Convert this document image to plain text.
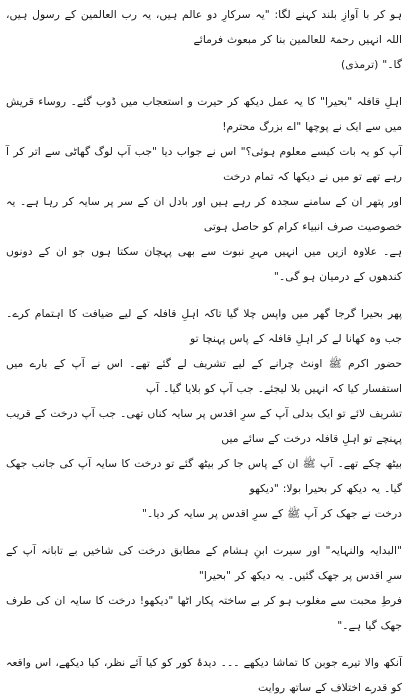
ہو کر با آوازِ بلند کہنے لگا: "یہ سرکارِ دو عالم ہیں، یہ رب العالمین کے رسول ہیں، اللہ انہیں رحمۃ للعالمین بنا کر مبعوث فرمائے
گا۔" (ترمذی)
اہلِ قافلہ "بحیرا" کا یہ عمل دیکھ کر حیرت و استعجاب میں ڈوب گئے۔ روساء قریش میں سے ایک نے پوچھا "اے بزرگ محترم!
آپ کو یہ بات کیسے معلوم ہوئی؟" اس نے جواب دیا "جب آپ لوگ گھاٹی سے اتر کر آ رہے تھے تو میں نے دیکھا کہ تمام درخت
اور پتھر ان کے سامنے سجدہ کر رہے ہیں اور بادل ان کے سر پر سایہ کر رہا ہے۔ یہ خصوصیت صرف انبیاء کرام کو حاصل ہوتی
ہے۔ علاوہ ازیں میں انہیں مہرِ نبوت سے بھی پہچان سکتا ہوں جو ان کے دونوں کندھوں کے درمیان ہو گی۔"
پھر بحیرا گرجا گھر میں واپس چلا گیا تاکہ اہلِ قافلہ کے لیے ضیافت کا اہتمام کرے۔ جب وہ کھانا لے کر اہلِ قافلہ کے پاس پہنچا تو
حضور اکرم ﷺ اونٹ چرانے کے لیے تشریف لے گئے تھے۔ اس نے آپ کے بارے میں استفسار کیا کہ انہیں بلا لیجئے۔ جب آپ کو بلایا گیا۔ آپ
تشریف لائے تو ایک بدلی آپ کے سرِ اقدس پر سایہ کناں تھی۔ جب آپ درخت کے قریب پہنچے تو اہلِ قافلہ درخت کے سائے میں
بیٹھ چکے تھے۔ آپ ﷺ ان کے پاس جا کر بیٹھ گئے تو درخت کا سایہ آپ کی جانب جھک گیا۔ یہ دیکھ کر بحیرا بولا: "دیکھو
درخت نے جھک کر آپ ﷺ کے سرِ اقدس پر سایہ کر دیا۔"
"البدایہ والنہایہ" اور سیرت ابنِ ہشام کے مطابق درخت کی شاخیں بے تابانہ آپ کے سرِ اقدس پر جھک گئیں۔ یہ دیکھ کر "بحیرا"
فرطِ محبت سے مغلوب ہو کر بے ساختہ پکار اٹھا "دیکھو! درخت کا سایہ ان کی طرف جھک گیا ہے۔"
آنکھ والا تیرے جوبن کا تماشا دیکھے ۔۔۔ دیدۂ کور کو کیا آئے نظر، کیا دیکھے، اس واقعہ کو قدرے اختلاف کے ساتھ روایت
